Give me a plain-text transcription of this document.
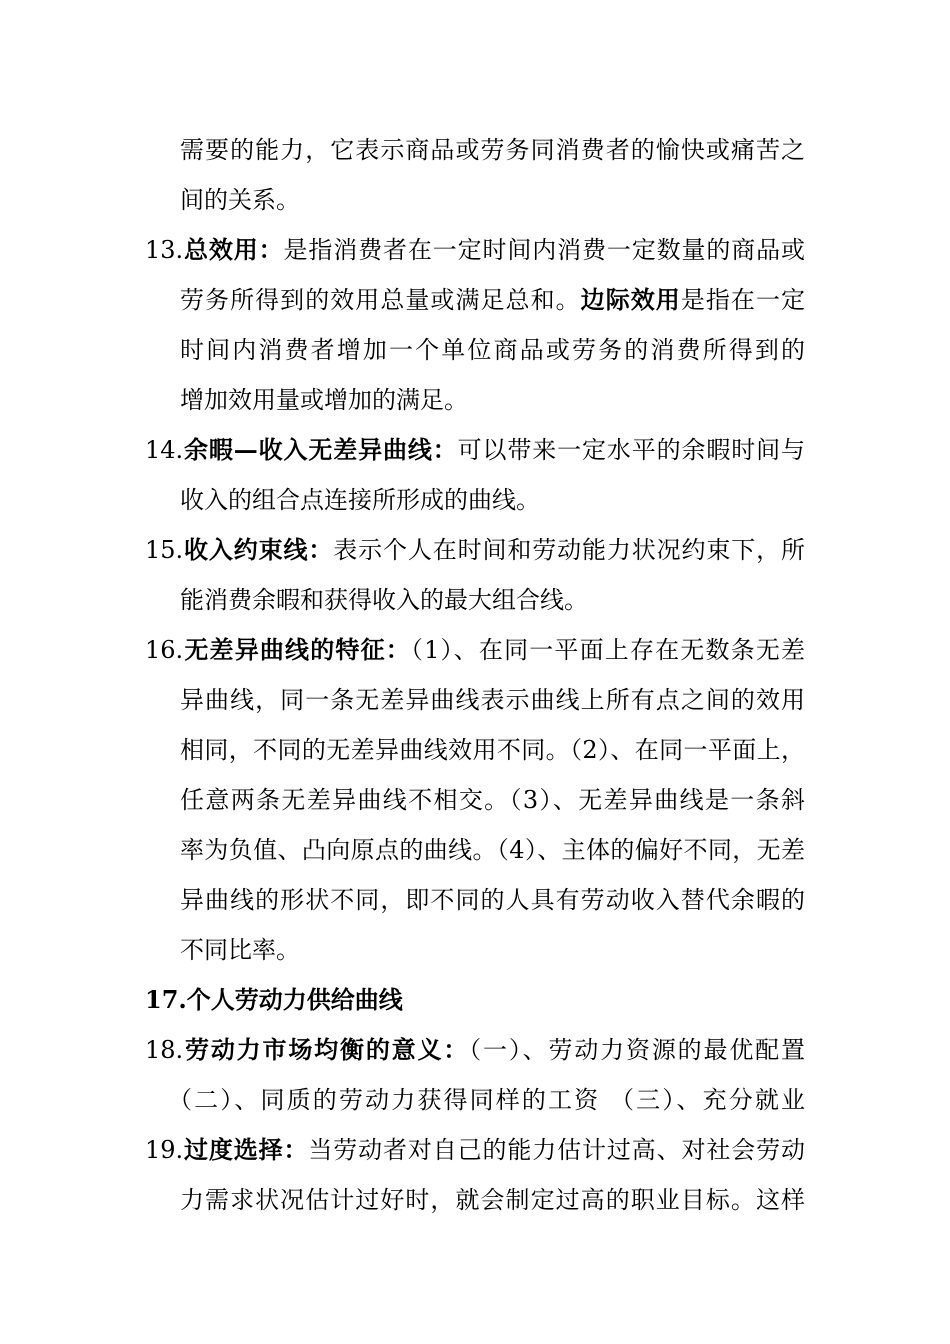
需要的能力，它表示商品或劳务同消费者的愉快或痛苦之
间的关系。
13.总效用：是指消费者在一定时间内消费一定数量的商品或
劳务所得到的效用总量或满足总和。边际效用是指在一定
时间内消费者增加一个单位商品或劳务的消费所得到的
增加效用量或增加的满足。
14.余暇—收入无差异曲线：可以带来一定水平的余暇时间与
收入的组合点连接所形成的曲线。
15.收入约束线：表示个人在时间和劳动能力状况约束下，所
能消费余暇和获得收入的最大组合线。
16.无差异曲线的特征：（1）、在同一平面上存在无数条无差
异曲线，同一条无差异曲线表示曲线上所有点之间的效用
相同，不同的无差异曲线效用不同。（2）、在同一平面上，
任意两条无差异曲线不相交。（3）、无差异曲线是一条斜
率为负值、凸向原点的曲线。（4）、主体的偏好不同，无差
异曲线的形状不同，即不同的人具有劳动收入替代余暇的
不同比率。
17.个人劳动力供给曲线
18.劳动力市场均衡的意义：（一）、劳动力资源的最优配置
（二）、同质的劳动力获得同样的工资 （三）、充分就业
19.过度选择：当劳动者对自己的能力估计过高、对社会劳动
力需求状况估计过好时，就会制定过高的职业目标。这样
